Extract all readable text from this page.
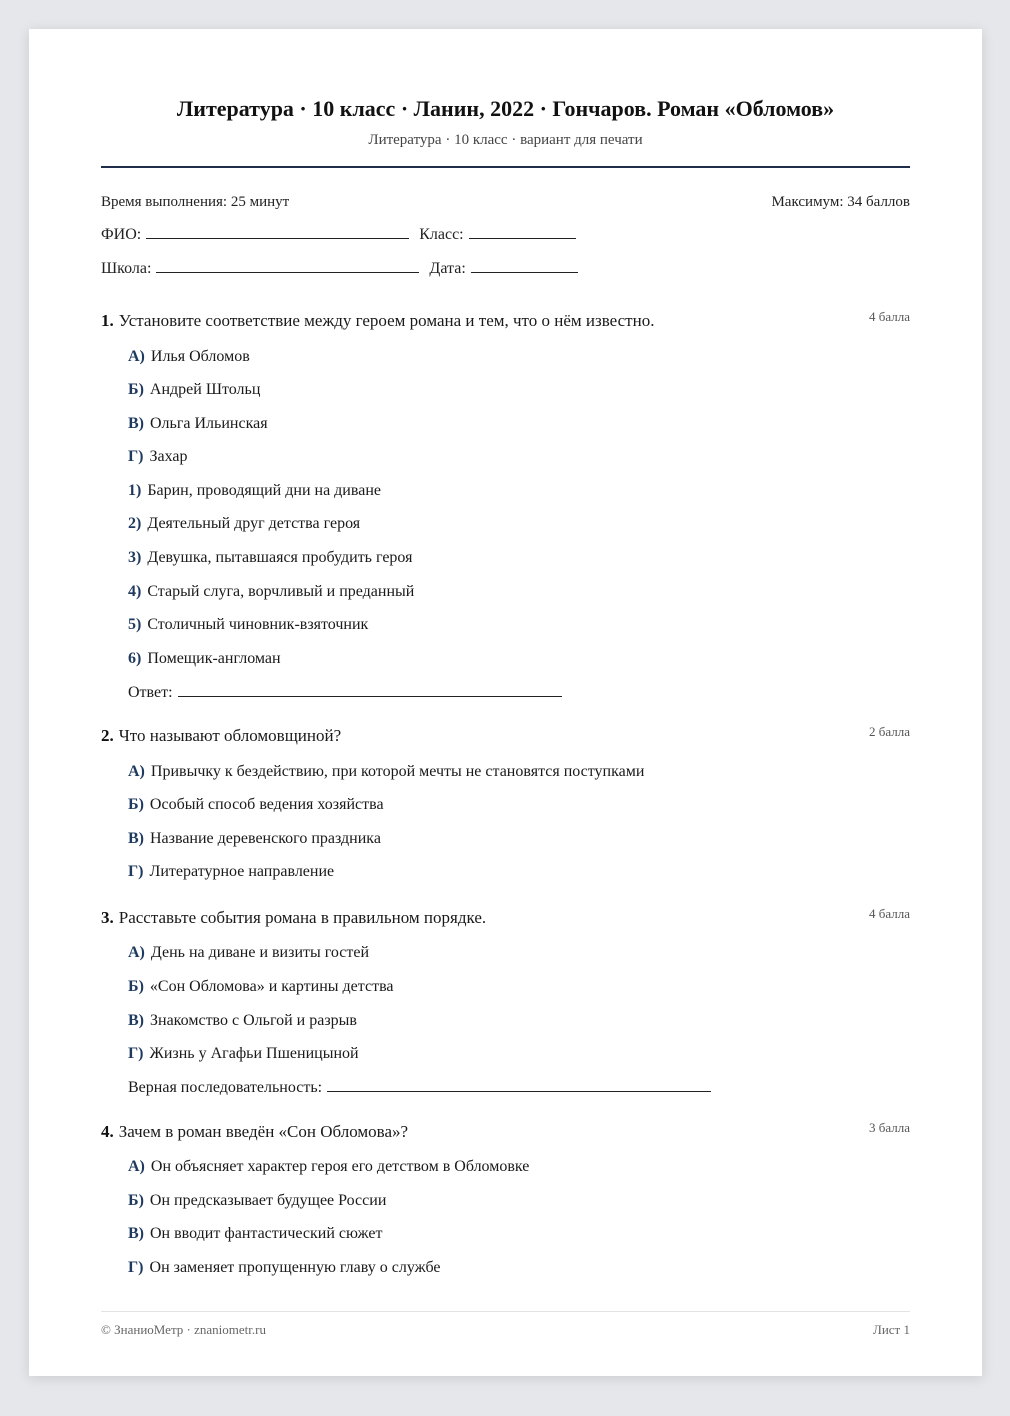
Литература · 10 класс · Ланин, 2022 · Гончаров. Роман «Обломов»
Литература · 10 класс · вариант для печати
Время выполнения: 25 минут	Максимум: 34 баллов
ФИО:	Класс:
Школа:	Дата:
1. Установите соответствие между героем романа и тем, что о нём известно.	4 балла
А) Илья Обломов
Б) Андрей Штольц
В) Ольга Ильинская
Г) Захар
1) Барин, проводящий дни на диване
2) Деятельный друг детства героя
3) Девушка, пытавшаяся пробудить героя
4) Старый слуга, ворчливый и преданный
5) Столичный чиновник-взяточник
6) Помещик-англоман
Ответ:
2. Что называют обломовщиной?	2 балла
А) Привычку к бездействию, при которой мечты не становятся поступками
Б) Особый способ ведения хозяйства
В) Название деревенского праздника
Г) Литературное направление
3. Расставьте события романа в правильном порядке.	4 балла
А) День на диване и визиты гостей
Б) «Сон Обломова» и картины детства
В) Знакомство с Ольгой и разрыв
Г) Жизнь у Агафьи Пшеницыной
Верная последовательность:
4. Зачем в роман введён «Сон Обломова»?	3 балла
А) Он объясняет характер героя его детством в Обломовке
Б) Он предсказывает будущее России
В) Он вводит фантастический сюжет
Г) Он заменяет пропущенную главу о службе
© ЗнаниоМетр · znaniometr.ru	Лист 1
